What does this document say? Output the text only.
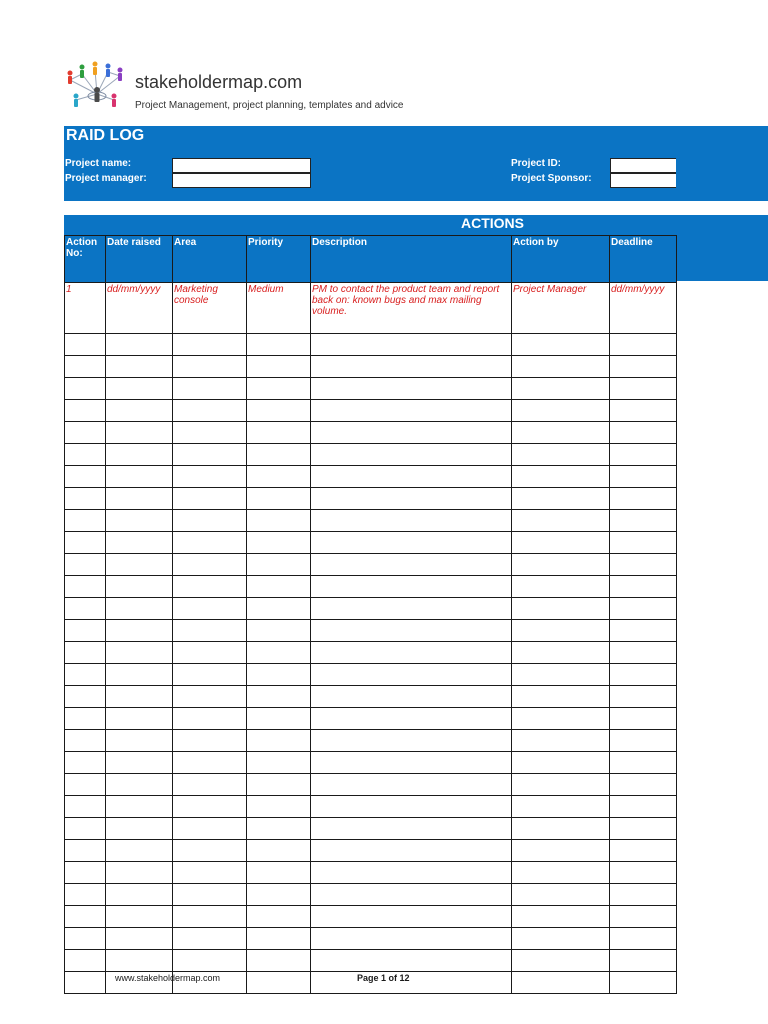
stakeholdermap.com
Project Management, project planning, templates and advice
RAID LOG
Project name:
Project manager:
Project ID:
Project Sponsor:
ACTIONS
Action No:	Date raised	Area	Priority	Description	Action by	Deadline
1	dd/mm/yyyy	Marketing console	Medium	PM to contact the product team and report back on: known bugs and max mailing volume.	Project Manager	dd/mm/yyyy

www.stakeholdermap.com	Page 1 of 12
